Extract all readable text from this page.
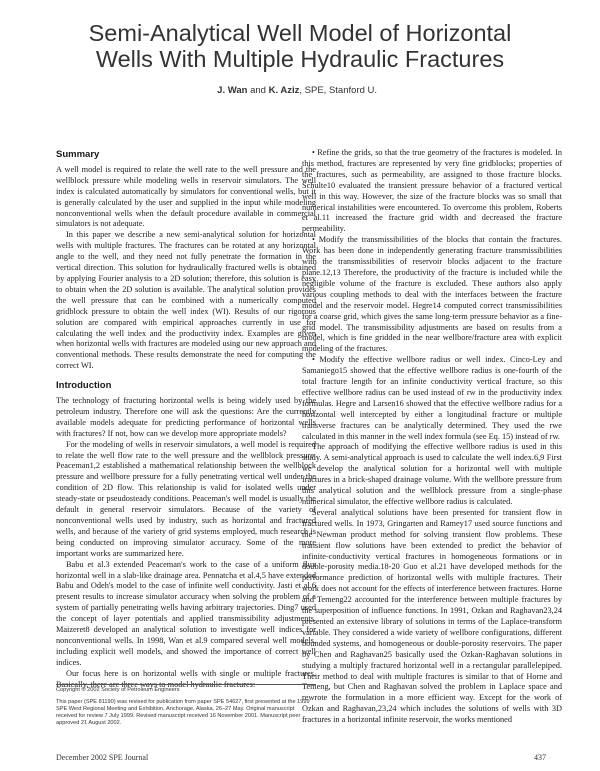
Semi-Analytical Well Model of Horizontal
Wells With Multiple Hydraulic Fractures
J. Wan and K. Aziz, SPE, Stanford U.
Summary

A well model is required to relate the well rate to the well pressure and the wellblock pressure while modeling wells in reservoir simulators. The well index is calculated automatically by simulators for conventional wells, but it is generally calculated by the user and supplied in the input while modeling nonconventional wells when the default procedure available in commercial simulators is not adequate.

In this paper we describe a new semi-analytical solution for horizontal wells with multiple fractures. The fractures can be rotated at any horizontal angle to the well, and they need not fully penetrate the formation in the vertical direction. This solution for hydraulically fractured wells is obtained by applying Fourier analysis to a 2D solution; therefore, this solution is easy to obtain when the 2D solution is available. The analytical solution provides the well pressure that can be combined with a numerically computed gridblock pressure to obtain the well index (WI). Results of our rigorous solution are compared with empirical approaches currently in use for calculating the well index and the productivity index. Examples are given when horizontal wells with fractures are modeled using our new approach and conventional methods. These results demonstrate the need for computing the correct WI.

Introduction

The technology of fracturing horizontal wells is being widely used by the petroleum industry. Therefore one will ask the questions: Are the currently available models adequate for predicting performance of horizontal wells with fractures? If not, how can we develop more appropriate models?

For the modeling of wells in reservoir simulators, a well model is required to relate the well flow rate to the well pressure and the wellblock pressure. Peaceman1,2 established a mathematical relationship between the wellblock pressure and wellbore pressure for a fully penetrating vertical well under the condition of 2D flow. This relationship is valid for isolated wells under steady-state or pseudosteady conditions. Peaceman's well model is usually the default in general reservoir simulators. Because of the variety of nonconventional wells used by industry, such as horizontal and fractured wells, and because of the variety of grid systems employed, much research is being conducted on improving simulator accuracy. Some of the more important works are summarized here.

Babu et al.3 extended Peaceman's work to the case of a uniform flux horizontal well in a slab-like drainage area. Pennatcha et al.4,5 have extended Babu and Odeh's model to the case of infinite well conductivity. Jasti et al.6 present results to increase simulator accuracy when solving the problem of a system of partially penetrating wells having arbitrary trajectories. Ding7 used the concept of layer potentials and applied transmissibility adjustments. Maizeret8 developed an analytical solution to investigate well indices for nonconventional wells. In 1998, Wan et al.9 compared several well models, including explicit well models, and showed the importance of correct well indices.

Our focus here is on horizontal wells with single or multiple fractures. Basically, there are three ways to model hydraulic fractures:

• Refine the grids, so that the true geometry of the fractures is modeled. In this method, fractures are represented by very fine gridblocks; properties of the fractures, such as permeability, are assigned to those fracture blocks. Schulte10 evaluated the transient pressure behavior of a fractured vertical well in this way. However, the size of the fracture blocks was so small that numerical instabilities were encountered. To overcome this problem, Roberts et al.11 increased the fracture grid width and decreased the fracture permeability.

• Modify the transmissibilities of the blocks that contain the fractures. Work has been done in independently generating fracture transmissibilities with the transmissibilities of reservoir blocks adjacent to the fracture plane.12,13 Therefore, the productivity of the fracture is included while the negligible volume of the fracture is excluded. These authors also apply various coupling methods to deal with the interfaces between the fracture model and the reservoir model. Hegre14 computed correct transmissibilities for a coarse grid, which gives the same long-term pressure behavior as a fine-grid model. The transmissibility adjustments are based on results from a model, which is fine gridded in the near wellbore/fracture area with explicit modeling of the fractures.

• Modify the effective wellbore radius or well index. Cinco-Ley and Samaniego15 showed that the effective wellbore radius is one-fourth of the total fracture length for an infinite conductivity vertical fracture, so this effective wellbore radius can be used instead of rw in the productivity index formulas. Hegre and Larsen16 showed that the effective wellbore radius for a horizontal well intercepted by either a longitudinal fracture or multiple transverse fractures can be analytically determined. They used the rwe calculated in this manner in the well index formula (see Eq. 15) instead of rw.

The approach of modifying the effective wellbore radius is used in this study. A semi-analytical approach is used to calculate the well index.6,9 First we develop the analytical solution for a horizontal well with multiple fractures in a brick-shaped drainage volume. With the wellbore pressure from this analytical solution and the wellblock pressure from a single-phase numerical simulator, the effective wellbore radius is calculated.

Several analytical solutions have been presented for transient flow in fractured wells. In 1973, Gringarten and Ramey17 used source functions and the Newman product method for solving transient flow problems. These transient flow solutions have been extended to predict the behavior of infinite-conductivity vertical fractures in homogeneous formations or in double-porosity media.18-20 Guo et al.21 have developed methods for the performance prediction of horizontal wells with multiple fractures. Their work does not account for the effects of interference between fractures. Horne and Temeng22 accounted for the interference between multiple fractures by the superposition of influence functions. In 1991, Ozkan and Raghavan23,24 presented an extensive library of solutions in terms of the Laplace-transform variable. They considered a wide variety of wellbore configurations, different bounded systems, and homogeneous or double-porosity reservoirs. The paper by Chen and Raghavan25 basically used the Ozkan-Raghavan solutions in studying a multiply fractured horizontal well in a rectangular parallelepiped. Their method to deal with multiple fractures is similar to that of Horne and Temeng, but Chen and Raghavan solved the problem in Laplace space and rewrote the formulation in a more efficient way. Except for the work of Ozkan and Raghavan,23,24 which includes the solutions of wells with 3D fractures in a horizontal infinite reservoir, the works mentioned

Copyright © 2002 Society of Petroleum Engineers

This paper (SPE 81190) was revised for publication from paper SPE 54627, first presented at the 1999 SPE West Regional Meeting and Exhibition, Anchorage, Alaska, 26–27 May. Original manuscript received for review 7 July 1999. Revised manuscript received 16 November 2001. Manuscript peer approved 21 August 2002.

December 2002 SPE Journal	437
